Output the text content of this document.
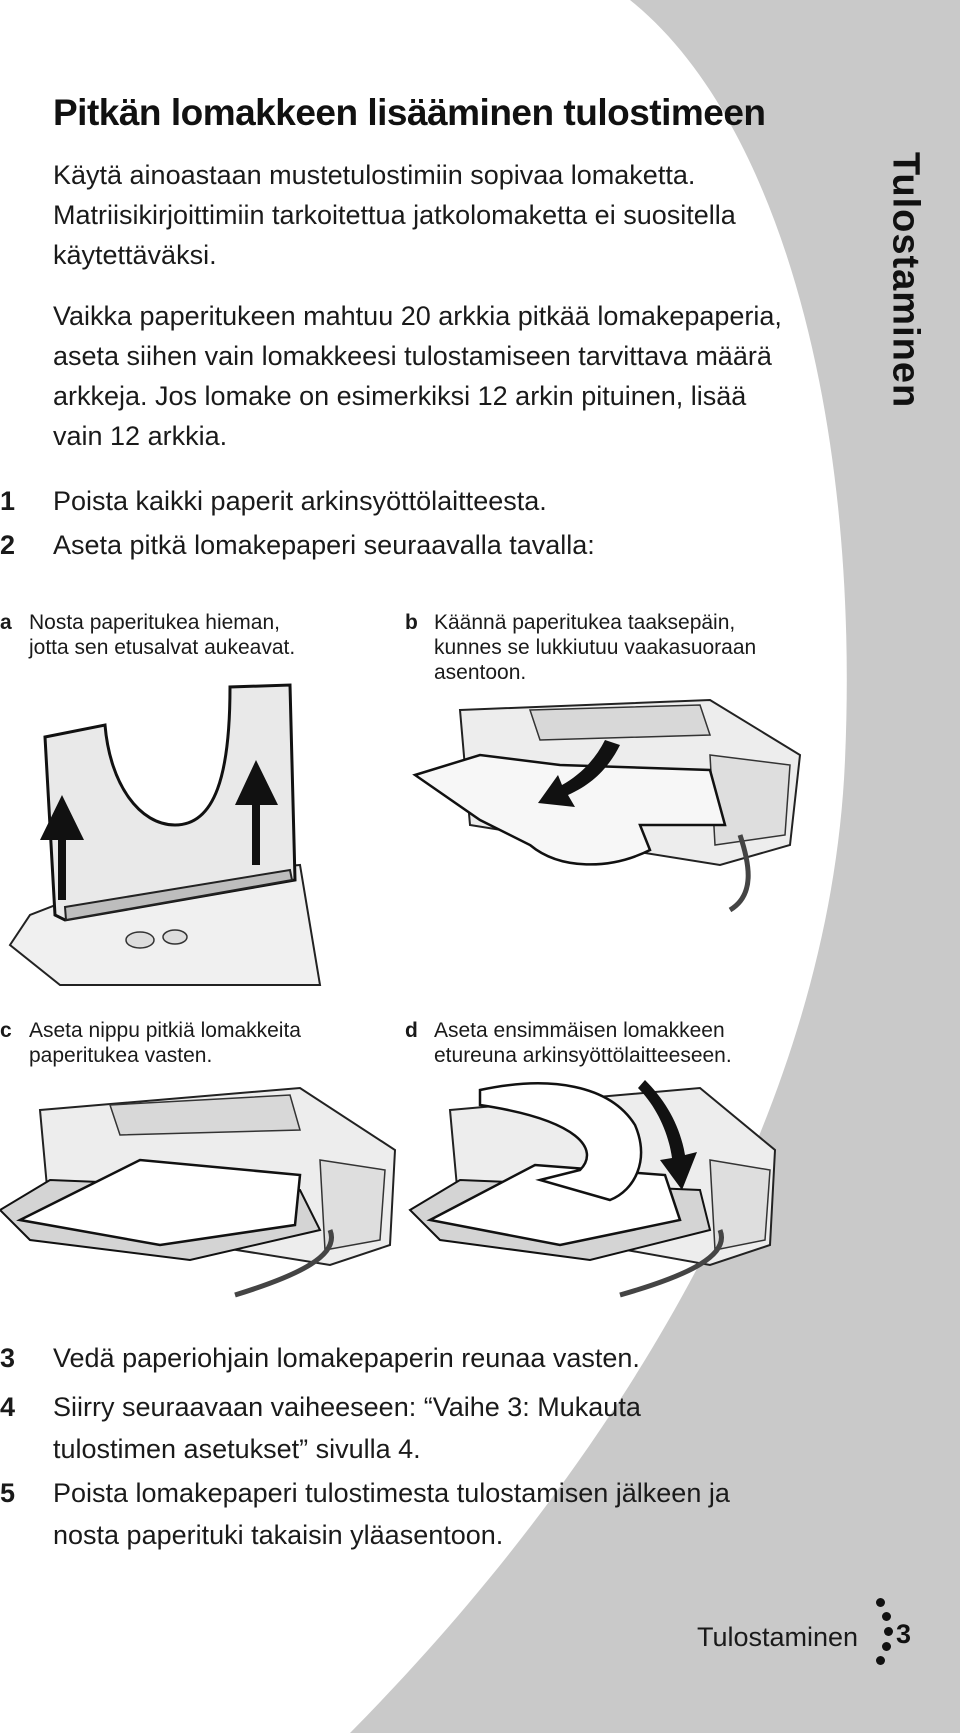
Tulostaminen
Pitkän lomakkeen lisääminen tulostimeen
Käytä ainoastaan mustetulostimiin sopivaa lomaketta.
Matriisikirjoittimiin tarkoitettua jatkolomaketta ei suositella
käytettäväksi.
Vaikka paperitukeen mahtuu 20 arkkia pitkää lomakepaperia,
aseta siihen vain lomakkeesi tulostamiseen tarvittava määrä
arkkeja. Jos lomake on esimerkiksi 12 arkin pituinen, lisää
vain 12 arkkia.
1 Poista kaikki paperit arkinsyöttölaitteesta.
2 Aseta pitkä lomakepaperi seuraavalla tavalla:
a Nosta paperitukea hieman,
jotta sen etusalvat aukeavat.
b Käännä paperitukea taaksepäin,
kunnes se lukkiutuu vaakasuoraan
asentoon.
c Aseta nippu pitkiä lomakkeita
paperitukea vasten.
d Aseta ensimmäisen lomakkeen
etureuna arkinsyöttölaitteeseen.
3 Vedä paperiohjain lomakepaperin reunaa vasten.
4 Siirry seuraavaan vaiheeseen: “Vaihe 3: Mukauta
tulostimen asetukset” sivulla 4.
5 Poista lomakepaperi tulostimesta tulostamisen jälkeen ja
nosta paperituki takaisin yläasentoon.
Tulostaminen 3
